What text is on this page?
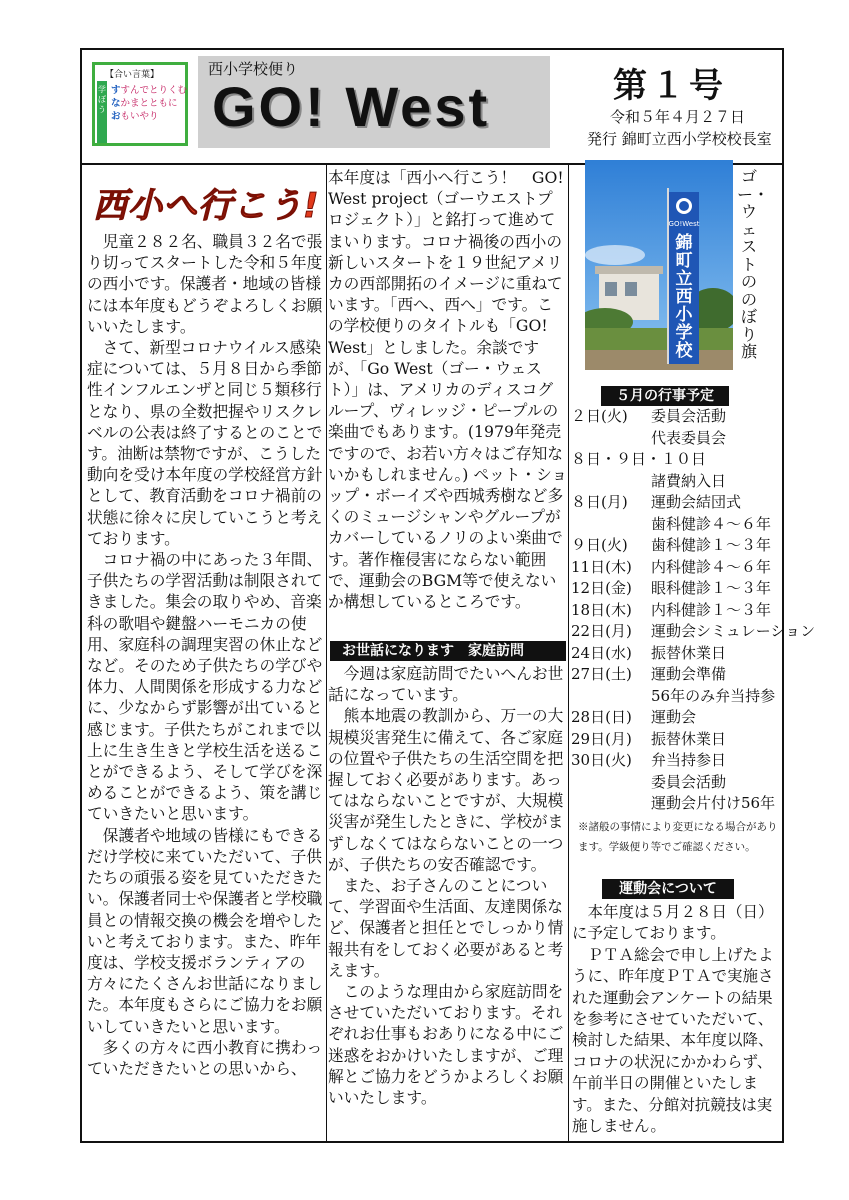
【合い言葉】
すすんでとりくむ
なかまとともに
おもいやり
学ぼう
西小学校便り
GO! West	第１号
令和５年４月２７日
発行 錦町立西小学校校長室
西小へ行こう!

　児童２８２名、職員３２名で張り切ってスタートした令和５年度の西小です。保護者・地域の皆様には本年度もどうぞよろしくお願いいたします。

　さて、新型コロナウイルス感染症については、５月８日から季節性インフルエンザと同じ５類移行となり、県の全数把握やリスクレベルの公表は終了するとのことです。油断は禁物ですが、こうした動向を受け本年度の学校経営方針として、教育活動をコロナ禍前の状態に徐々に戻していこうと考えております。

　コロナ禍の中にあった３年間、子供たちの学習活動は制限されてきました。集会の取りやめ、音楽科の歌唱や鍵盤ハーモニカの使用、家庭科の調理実習の休止などなど。そのため子供たちの学びや体力、人間関係を形成する力などに、少なからず影響が出ていると感じます。子供たちがこれまで以上に生き生きと学校生活を送ることができるよう、そして学びを深めることができるよう、策を講じていきたいと思います。

　保護者や地域の皆様にもできるだけ学校に来ていただいて、子供たちの頑張る姿を見ていただきたい。保護者同士や保護者と学校職員との情報交換の機会を増やしたいと考えております。また、昨年度は、学校支援ボランティアの方々にたくさんお世話になりました。本年度もさらにご協力をお願いしていきたいと思います。

　多くの方々に西小教育に携わっていただきたいとの思いから、

本年度は「西小へ行こう！　GO! West project（ゴーウエストプロジェクト）」と銘打って進めてまいります。コロナ禍後の西小の新しいスタートを１９世紀アメリカの西部開拓のイメージに重ねています。「西へ、西へ」です。この学校便りのタイトルも「GO! West」としました。余談ですが、「Go West（ゴー・ウェスト）」は、アメリカのディスコグループ、ヴィレッジ・ピープルの楽曲でもあります。(1979年発売ですので、お若い方々はご存知ないかもしれません。) ペット・ショップ・ボーイズや西城秀樹など多くのミュージシャンやグループがカバーしているノリのよい楽曲です。著作権侵害にならない範囲で、運動会のBGM等で使えないか構想しているところです。

お世話になります　家庭訪問

　今週は家庭訪問でたいへんお世話になっています。

　熊本地震の教訓から、万一の大規模災害発生に備えて、各ご家庭の位置や子供たちの生活空間を把握しておく必要があります。あってはならないことですが、大規模災害が発生したときに、学校がまずしなくてはならないことの一つが、子供たちの安否確認です。

　また、お子さんのことについて、学習面や生活面、友達関係など、保護者と担任とでしっかり情報共有をしておく必要があると考えます。

　このような理由から家庭訪問をさせていただいております。それぞれお仕事もおありになる中にご迷惑をおかけいたしますが、ご理解とご協力をどうかよろしくお願いいたします。

GO!West
錦町立西小学校
ゴー・ウェストののぼり旗
５月の行事予定
２日(火) 委員会活動
代表委員会
８日・９日・１０日
諸費納入日
８日(月) 運動会結団式
歯科健診４～６年
９日(火) 歯科健診１～３年
11日(木) 内科健診４～６年
12日(金) 眼科健診１～３年
18日(木) 内科健診１～３年
22日(月) 運動会シミュレーション
24日(水) 振替休業日
27日(土) 運動会準備
56年のみ弁当持参
28日(日) 運動会
29日(月) 振替休業日
30日(火) 弁当持参日
委員会活動
運動会片付け56年
※諸般の事情により変更になる場合があります。学級便り等でご確認ください。
運動会について

　本年度は５月２８日（日）に予定しております。

　ＰＴＡ総会で申し上げたように、昨年度ＰＴＡで実施された運動会アンケートの結果を参考にさせていただいて、検討した結果、本年度以降、コロナの状況にかかわらず、午前半日の開催といたします。また、分館対抗競技は実施しません。
